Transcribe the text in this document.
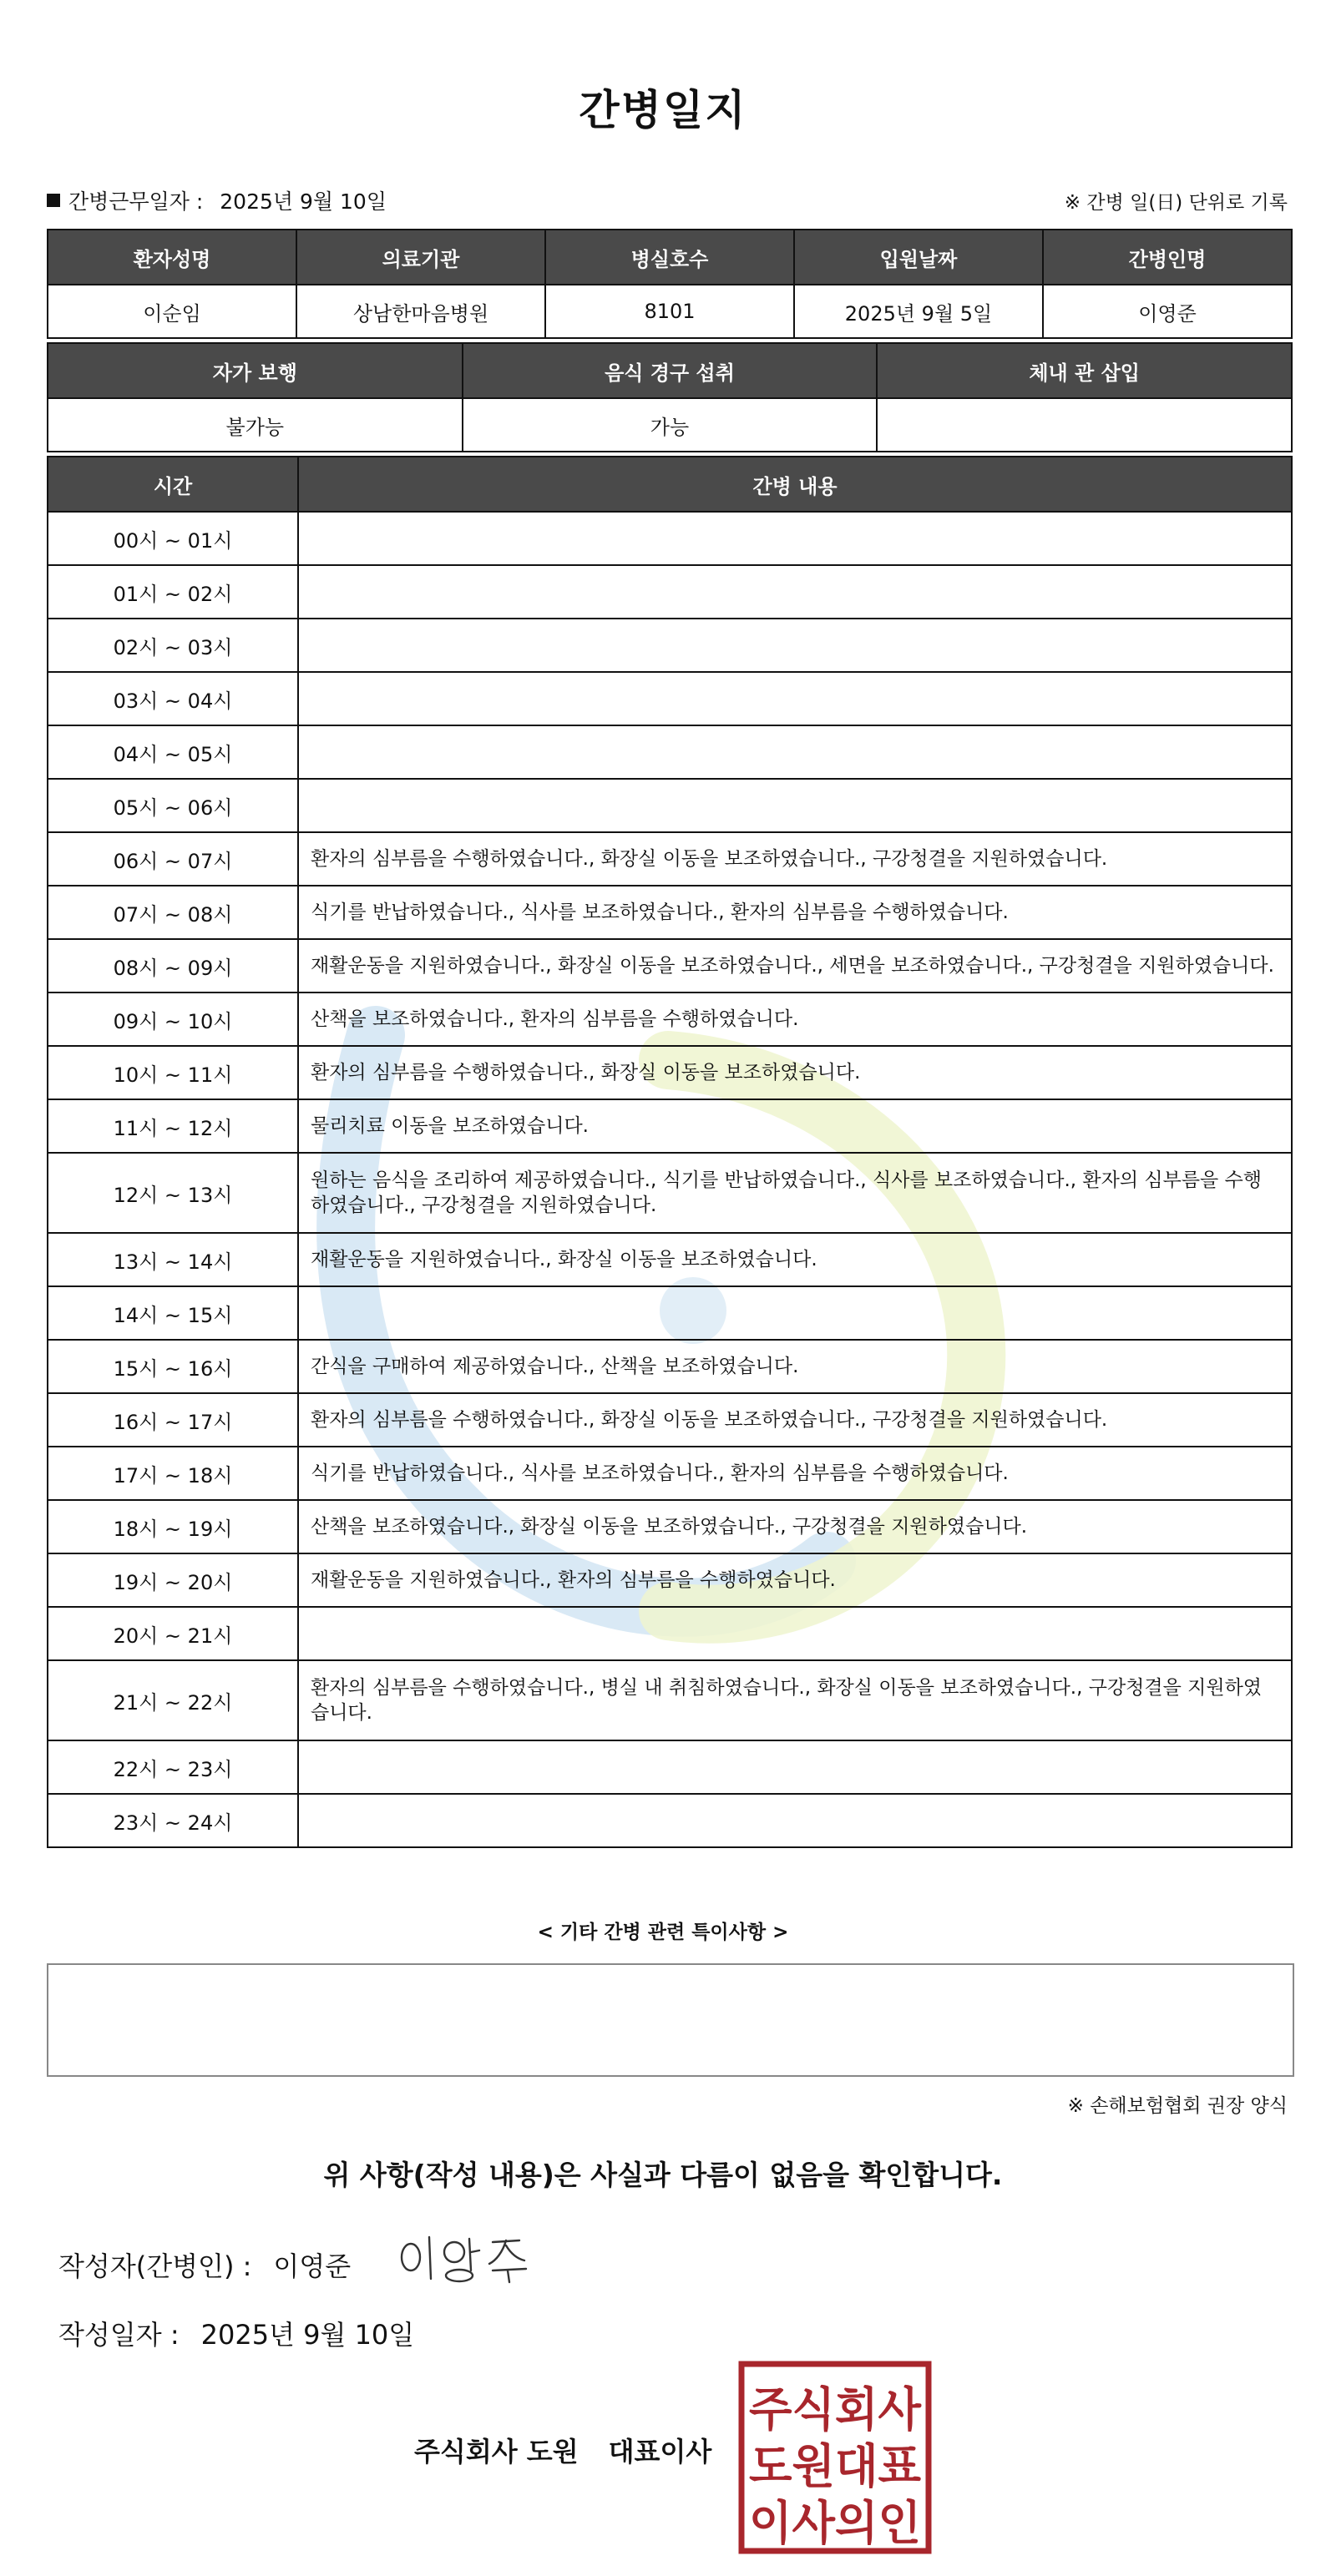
간병일지
간병근무일자 : 2025년 9월 10일	※ 간병 일(日) 단위로 기록
환자성명	의료기관	병실호수	입원날짜	간병인명
이순임	상남한마음병원	8101	2025년 9월 5일	이영준
자가 보행	음식 경구 섭취	체내 관 삽입
불가능	가능	
시간	간병 내용
00시 ~ 01시	
01시 ~ 02시	
02시 ~ 03시	
03시 ~ 04시	
04시 ~ 05시	
05시 ~ 06시	
06시 ~ 07시	환자의 심부름을 수행하였습니다., 화장실 이동을 보조하였습니다., 구강청결을 지원하였습니다.
07시 ~ 08시	식기를 반납하였습니다., 식사를 보조하였습니다., 환자의 심부름을 수행하였습니다.
08시 ~ 09시	재활운동을 지원하였습니다., 화장실 이동을 보조하였습니다., 세면을 보조하였습니다., 구강청결을 지원하였습니다.
09시 ~ 10시	산책을 보조하였습니다., 환자의 심부름을 수행하였습니다.
10시 ~ 11시	환자의 심부름을 수행하였습니다., 화장실 이동을 보조하였습니다.
11시 ~ 12시	물리치료 이동을 보조하였습니다.
12시 ~ 13시	원하는 음식을 조리하여 제공하였습니다., 식기를 반납하였습니다., 식사를 보조하였습니다., 환자의 심부름을 수행하였습니다., 구강청결을 지원하였습니다.
13시 ~ 14시	재활운동을 지원하였습니다., 화장실 이동을 보조하였습니다.
14시 ~ 15시	
15시 ~ 16시	간식을 구매하여 제공하였습니다., 산책을 보조하였습니다.
16시 ~ 17시	환자의 심부름을 수행하였습니다., 화장실 이동을 보조하였습니다., 구강청결을 지원하였습니다.
17시 ~ 18시	식기를 반납하였습니다., 식사를 보조하였습니다., 환자의 심부름을 수행하였습니다.
18시 ~ 19시	산책을 보조하였습니다., 화장실 이동을 보조하였습니다., 구강청결을 지원하였습니다.
19시 ~ 20시	재활운동을 지원하였습니다., 환자의 심부름을 수행하였습니다.
20시 ~ 21시	
21시 ~ 22시	환자의 심부름을 수행하였습니다., 병실 내 취침하였습니다., 화장실 이동을 보조하였습니다., 구강청결을 지원하였습니다.
22시 ~ 23시	
23시 ~ 24시	
< 기타 간병 관련 특이사항 >
※ 손해보험협회 권장 양식
위 사항(작성 내용)은 사실과 다름이 없음을 확인합니다.
작성자(간병인) : 이영준
작성일자 : 2025년 9월 10일
주식회사 도원 대표이사
주식회사
도원대표
이사의인
